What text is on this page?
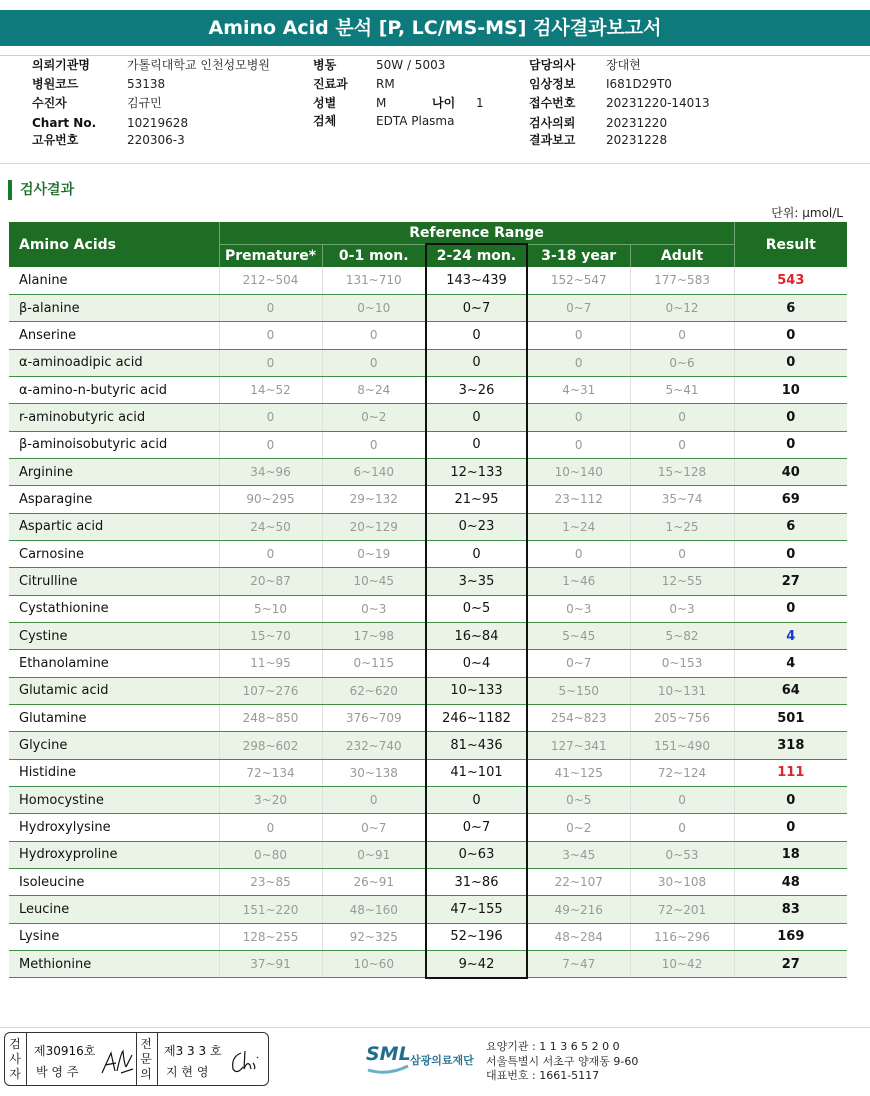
Amino Acid 분석 [P, LC/MS-MS] 검사결과보고서
의뢰기관명	가톨릭대학교 인천성모병원
병원코드	53138
수진자	김규민
Chart No.	10219628
고유번호	220306-3
병동	50W / 5003
진료과 RM
성별	M	나이 1
검체	EDTA Plasma
담당의사	장대현
임상정보	I681D29T0
접수번호	20231220-14013
검사의뢰	20231220
결과보고	20231228
검사결과
단위: μmol/L
Amino Acids	Reference Range					Result
	Premature*	0-1 mon.	2-24 mon.	3-18 year	Adult	
Alanine	212~504	131~710	143~439	152~547	177~583	543
β-alanine	0	0~10	0~7	0~7	0~12	6
Anserine	0	0	0	0	0	0
α-aminoadipic acid	0	0	0	0	0~6	0
α-amino-n-butyric acid	14~52	8~24	3~26	4~31	5~41	10
r-aminobutyric acid	0	0~2	0	0	0	0
β-aminoisobutyric acid	0	0	0	0	0	0
Arginine	34~96	6~140	12~133	10~140	15~128	40
Asparagine	90~295	29~132	21~95	23~112	35~74	69
Aspartic acid	24~50	20~129	0~23	1~24	1~25	6
Carnosine	0	0~19	0	0	0	0
Citrulline	20~87	10~45	3~35	1~46	12~55	27
Cystathionine	5~10	0~3	0~5	0~3	0~3	0
Cystine	15~70	17~98	16~84	5~45	5~82	4
Ethanolamine	11~95	0~115	0~4	0~7	0~153	4
Glutamic acid	107~276	62~620	10~133	5~150	10~131	64
Glutamine	248~850	376~709	246~1182	254~823	205~756	501
Glycine	298~602	232~740	81~436	127~341	151~490	318
Histidine	72~134	30~138	41~101	41~125	72~124	111
Homocystine	3~20	0	0	0~5	0	0
Hydroxylysine	0	0~7	0~7	0~2	0	0
Hydroxyproline	0~80	0~91	0~63	3~45	0~53	18
Isoleucine	23~85	26~91	31~86	22~107	30~108	48
Leucine	151~220	48~160	47~155	49~216	72~201	83
Lysine	128~255	92~325	52~196	48~284	116~296	169
Methionine	37~91	10~60	9~42	7~47	10~42	27
검사자
제30916호
박 영 주
전문의
제3 3 3 호
지 현 영
SML 삼광의료재단
요양기관 : 1 1 3 6 5 2 0 0
서울특별시 서초구 양재동 9-60
대표번호 : 1661-5117
